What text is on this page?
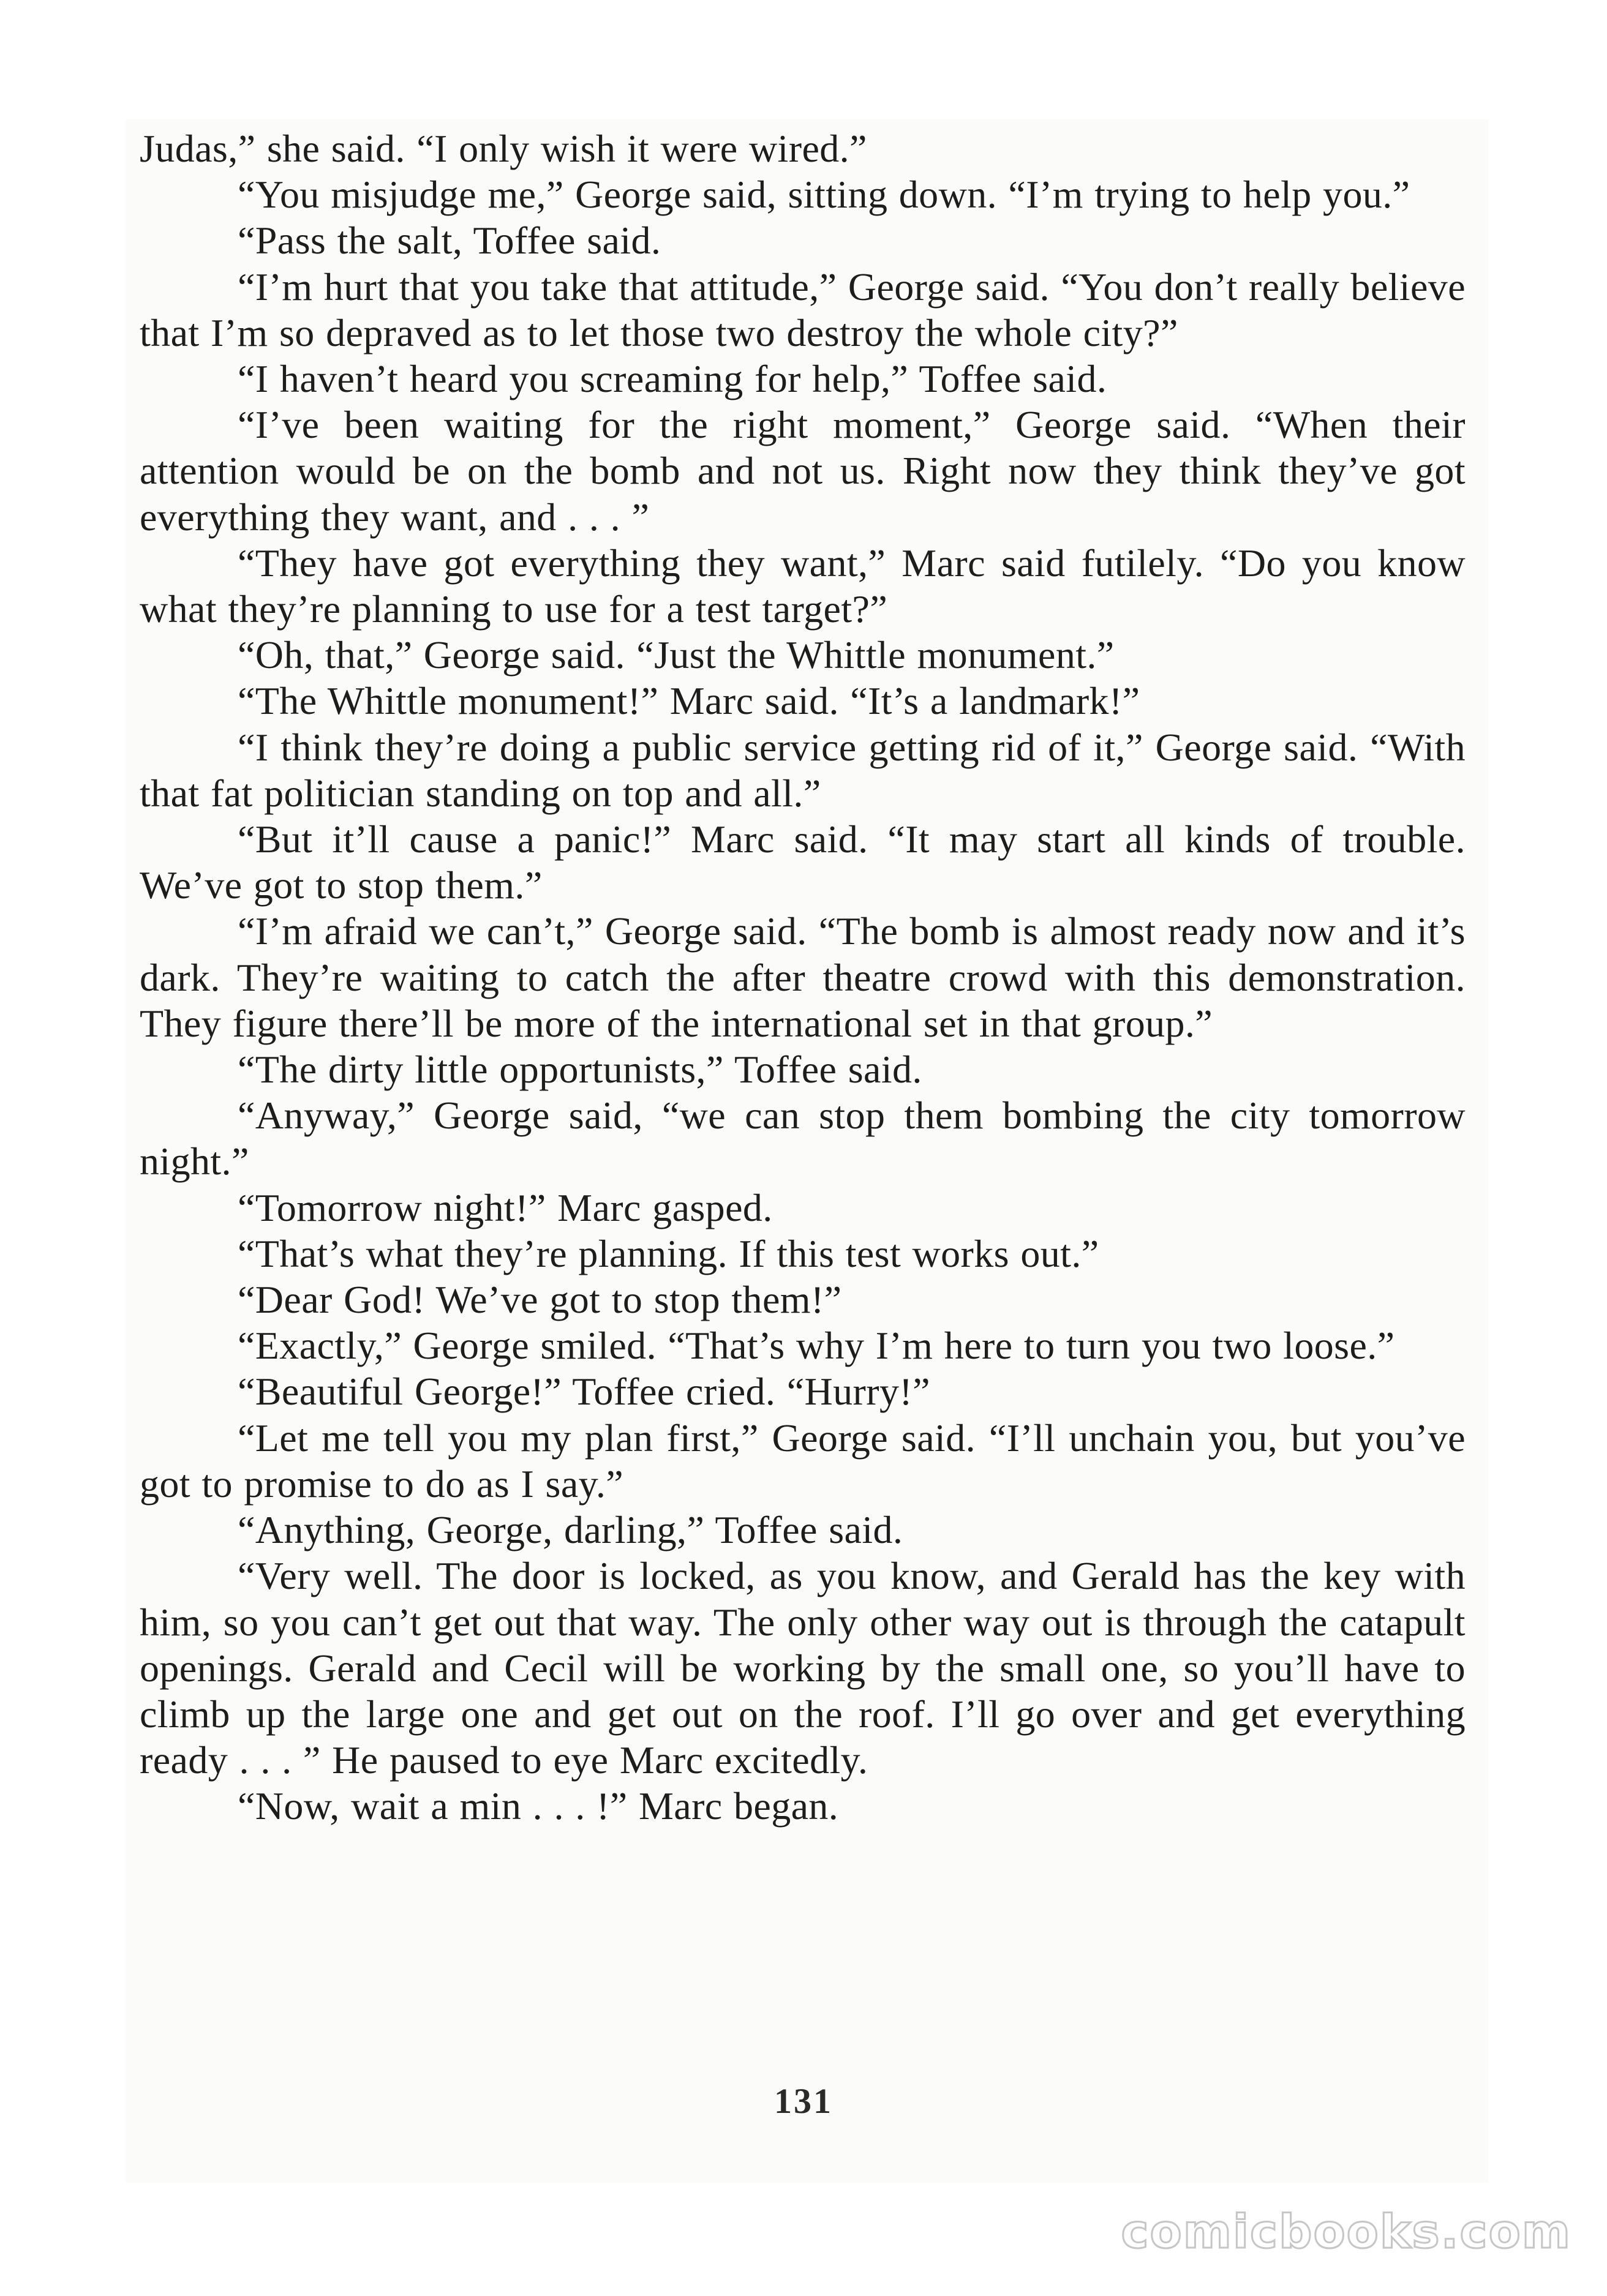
Judas,” she said. “I only wish it were wired.”

“You misjudge me,” George said, sitting down. “I’m trying to help you.”

“Pass the salt, Toffee said.

“I’m hurt that you take that attitude,” George said. “You don’t really believe that I’m so depraved as to let those two destroy the whole city?”

“I haven’t heard you screaming for help,” Toffee said.

“I’ve been waiting for the right moment,” George said. “When their attention would be on the bomb and not us. Right now they think they’ve got everything they want, and . . . ”

“They have got everything they want,” Marc said futilely. “Do you know what they’re planning to use for a test target?”

“Oh, that,” George said. “Just the Whittle monument.”

“The Whittle monument!” Marc said. “It’s a landmark!”

“I think they’re doing a public service getting rid of it,” George said. “With that fat politician standing on top and all.”

“But it’ll cause a panic!” Marc said. “It may start all kinds of trouble. We’ve got to stop them.”

“I’m afraid we can’t,” George said. “The bomb is almost ready now and it’s dark. They’re waiting to catch the after theatre crowd with this demonstration. They figure there’ll be more of the international set in that group.”

“The dirty little opportunists,” Toffee said.

“Anyway,” George said, “we can stop them bombing the city tomorrow night.”

“Tomorrow night!” Marc gasped.

“That’s what they’re planning. If this test works out.”

“Dear God! We’ve got to stop them!”

“Exactly,” George smiled. “That’s why I’m here to turn you two loose.”

“Beautiful George!” Toffee cried. “Hurry!”

“Let me tell you my plan first,” George said. “I’ll unchain you, but you’ve got to promise to do as I say.”

“Anything, George, darling,” Toffee said.

“Very well. The door is locked, as you know, and Gerald has the key with him, so you can’t get out that way. The only other way out is through the catapult openings. Gerald and Cecil will be working by the small one, so you’ll have to climb up the large one and get out on the roof. I’ll go over and get everything ready . . . ” He paused to eye Marc excitedly.

“Now, wait a min . . . !” Marc began.

131
comicbooks.com
